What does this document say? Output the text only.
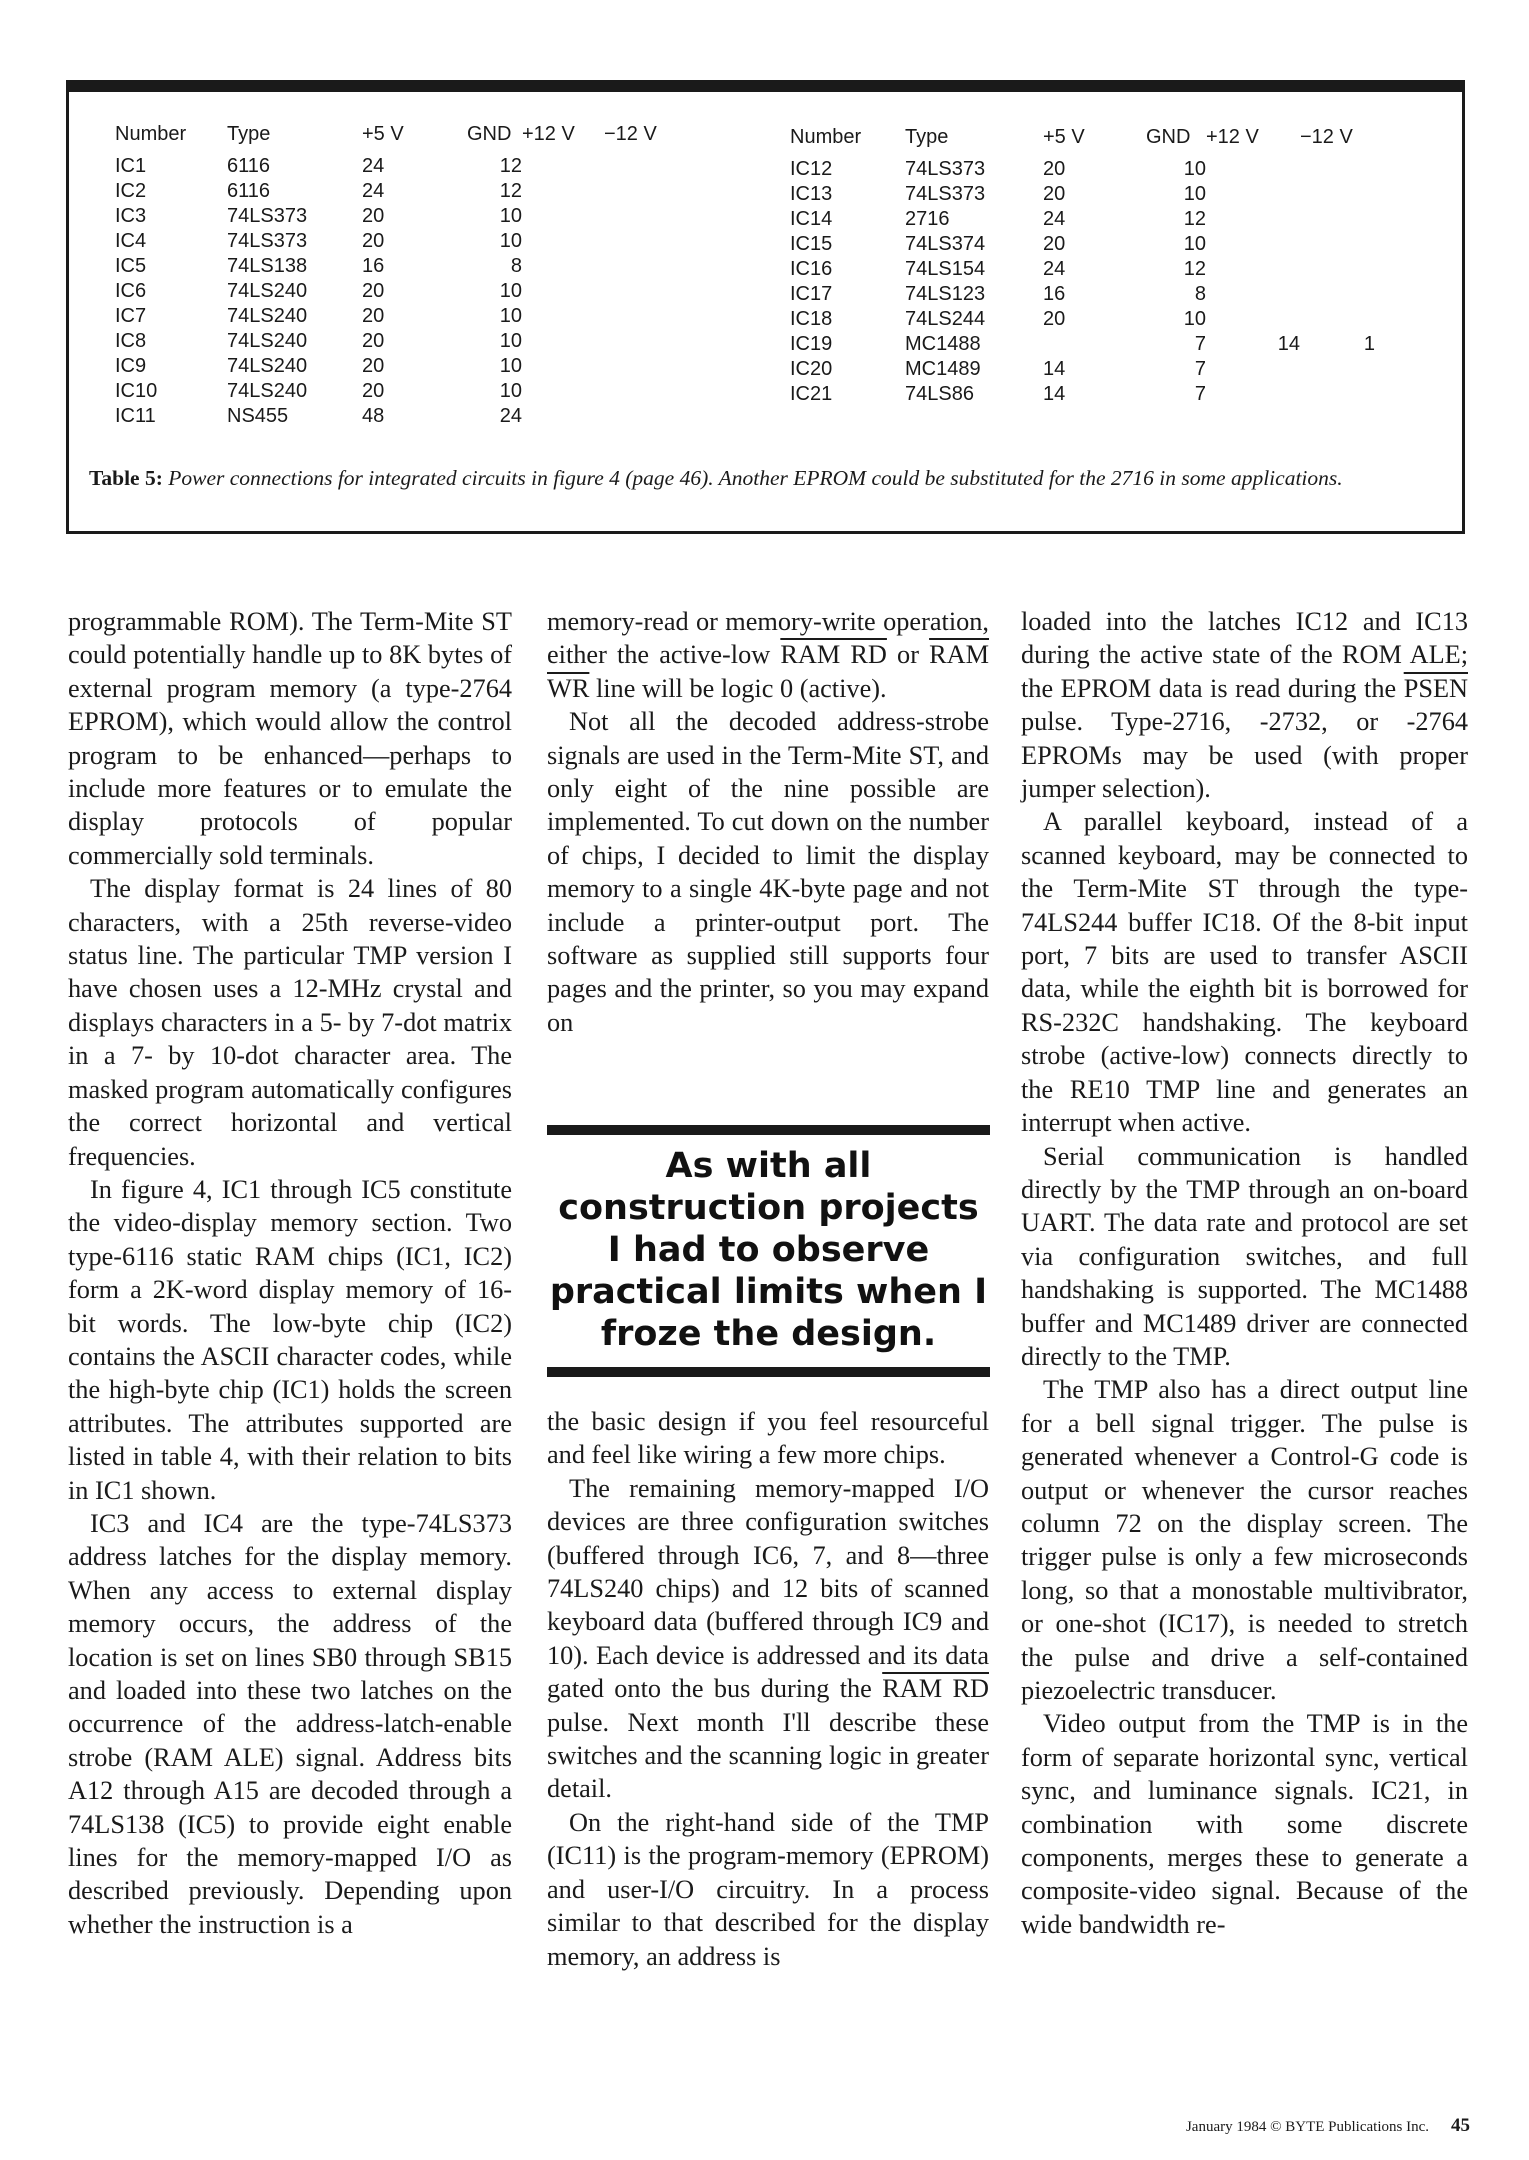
Number	Type	+5 V	GND	+12 V	−12 V
IC1	6116	24	12		
IC2	6116	24	12		
IC3	74LS373	20	10		
IC4	74LS373	20	10		
IC5	74LS138	16	8		
IC6	74LS240	20	10		
IC7	74LS240	20	10		
IC8	74LS240	20	10		
IC9	74LS240	20	10		
IC10	74LS240	20	10		
IC11	NS455	48	24		
Number	Type	+5 V	GND	+12 V	−12 V
IC12	74LS373	20	10		
IC13	74LS373	20	10		
IC14	2716	24	12		
IC15	74LS374	20	10		
IC16	74LS154	24	12		
IC17	74LS123	16	8		
IC18	74LS244	20	10		
IC19	MC1488		7	14	1
IC20	MC1489	14	7		
IC21	74LS86	14	7		
Table 5: Power connections for integrated circuits in figure 4 (page 46). Another EPROM could be substituted for the 2716 in some applications.

programmable ROM). The Term-Mite ST could potentially handle up to 8K bytes of external program memory (a type-2764 EPROM), which would allow the control program to be enhanced—perhaps to include more features or to emulate the display protocols of popular commercially sold terminals.

The display format is 24 lines of 80 characters, with a 25th reverse-video status line. The particular TMP version I have chosen uses a 12-MHz crystal and displays characters in a 5- by 7-dot matrix in a 7- by 10-dot character area. The masked program automatically configures the correct horizontal and vertical frequencies.

In figure 4, IC1 through IC5 constitute the video-display memory section. Two type-6116 static RAM chips (IC1, IC2) form a 2K-word display memory of 16-bit words. The low-byte chip (IC2) contains the ASCII character codes, while the high-byte chip (IC1) holds the screen attributes. The attributes supported are listed in table 4, with their relation to bits in IC1 shown.

IC3 and IC4 are the type-74LS373 address latches for the display memory. When any access to external display memory occurs, the address of the location is set on lines SB0 through SB15 and loaded into these two latches on the occurrence of the address-latch-enable strobe (RAM ALE) signal. Address bits A12 through A15 are decoded through a 74LS138 (IC5) to provide eight enable lines for the memory-mapped I/O as described previously. Depending upon whether the instruction is a

memory-read or memory-write operation, either the active-low RAM RD or RAM WR line will be logic 0 (active).

Not all the decoded address-strobe signals are used in the Term-Mite ST, and only eight of the nine possible are implemented. To cut down on the number of chips, I decided to limit the display memory to a single 4K-byte page and not include a printer-output port. The software as supplied still supports four pages and the printer, so you may expand on

the basic design if you feel resourceful and feel like wiring a few more chips.

The remaining memory-mapped I/O devices are three configuration switches (buffered through IC6, 7, and 8—three 74LS240 chips) and 12 bits of scanned keyboard data (buffered through IC9 and 10). Each device is addressed and its data gated onto the bus during the RAM RD pulse. Next month I'll describe these switches and the scanning logic in greater detail.

On the right-hand side of the TMP (IC11) is the program-memory (EPROM) and user-I/O circuitry. In a process similar to that described for the display memory, an address is

As with all construction projects I had to observe practical limits when I froze the design.

loaded into the latches IC12 and IC13 during the active state of the ROM ALE; the EPROM data is read during the PSEN pulse. Type-2716, -2732, or -2764 EPROMs may be used (with proper jumper selection).

A parallel keyboard, instead of a scanned keyboard, may be connected to the Term-Mite ST through the type-74LS244 buffer IC18. Of the 8-bit input port, 7 bits are used to transfer ASCII data, while the eighth bit is borrowed for RS-232C handshaking. The keyboard strobe (active-low) connects directly to the RE10 TMP line and generates an interrupt when active.

Serial communication is handled directly by the TMP through an on-board UART. The data rate and protocol are set via configuration switches, and full handshaking is supported. The MC1488 buffer and MC1489 driver are connected directly to the TMP.

The TMP also has a direct output line for a bell signal trigger. The pulse is generated whenever a Control-G code is output or whenever the cursor reaches column 72 on the display screen. The trigger pulse is only a few microseconds long, so that a monostable multivibrator, or one-shot (IC17), is needed to stretch the pulse and drive a self-contained piezoelectric transducer.

Video output from the TMP is in the form of separate horizontal sync, vertical sync, and luminance signals. IC21, in combination with some discrete components, merges these to generate a composite-video signal. Because of the wide bandwidth re-

January 1984 © BYTE Publications Inc. 45
